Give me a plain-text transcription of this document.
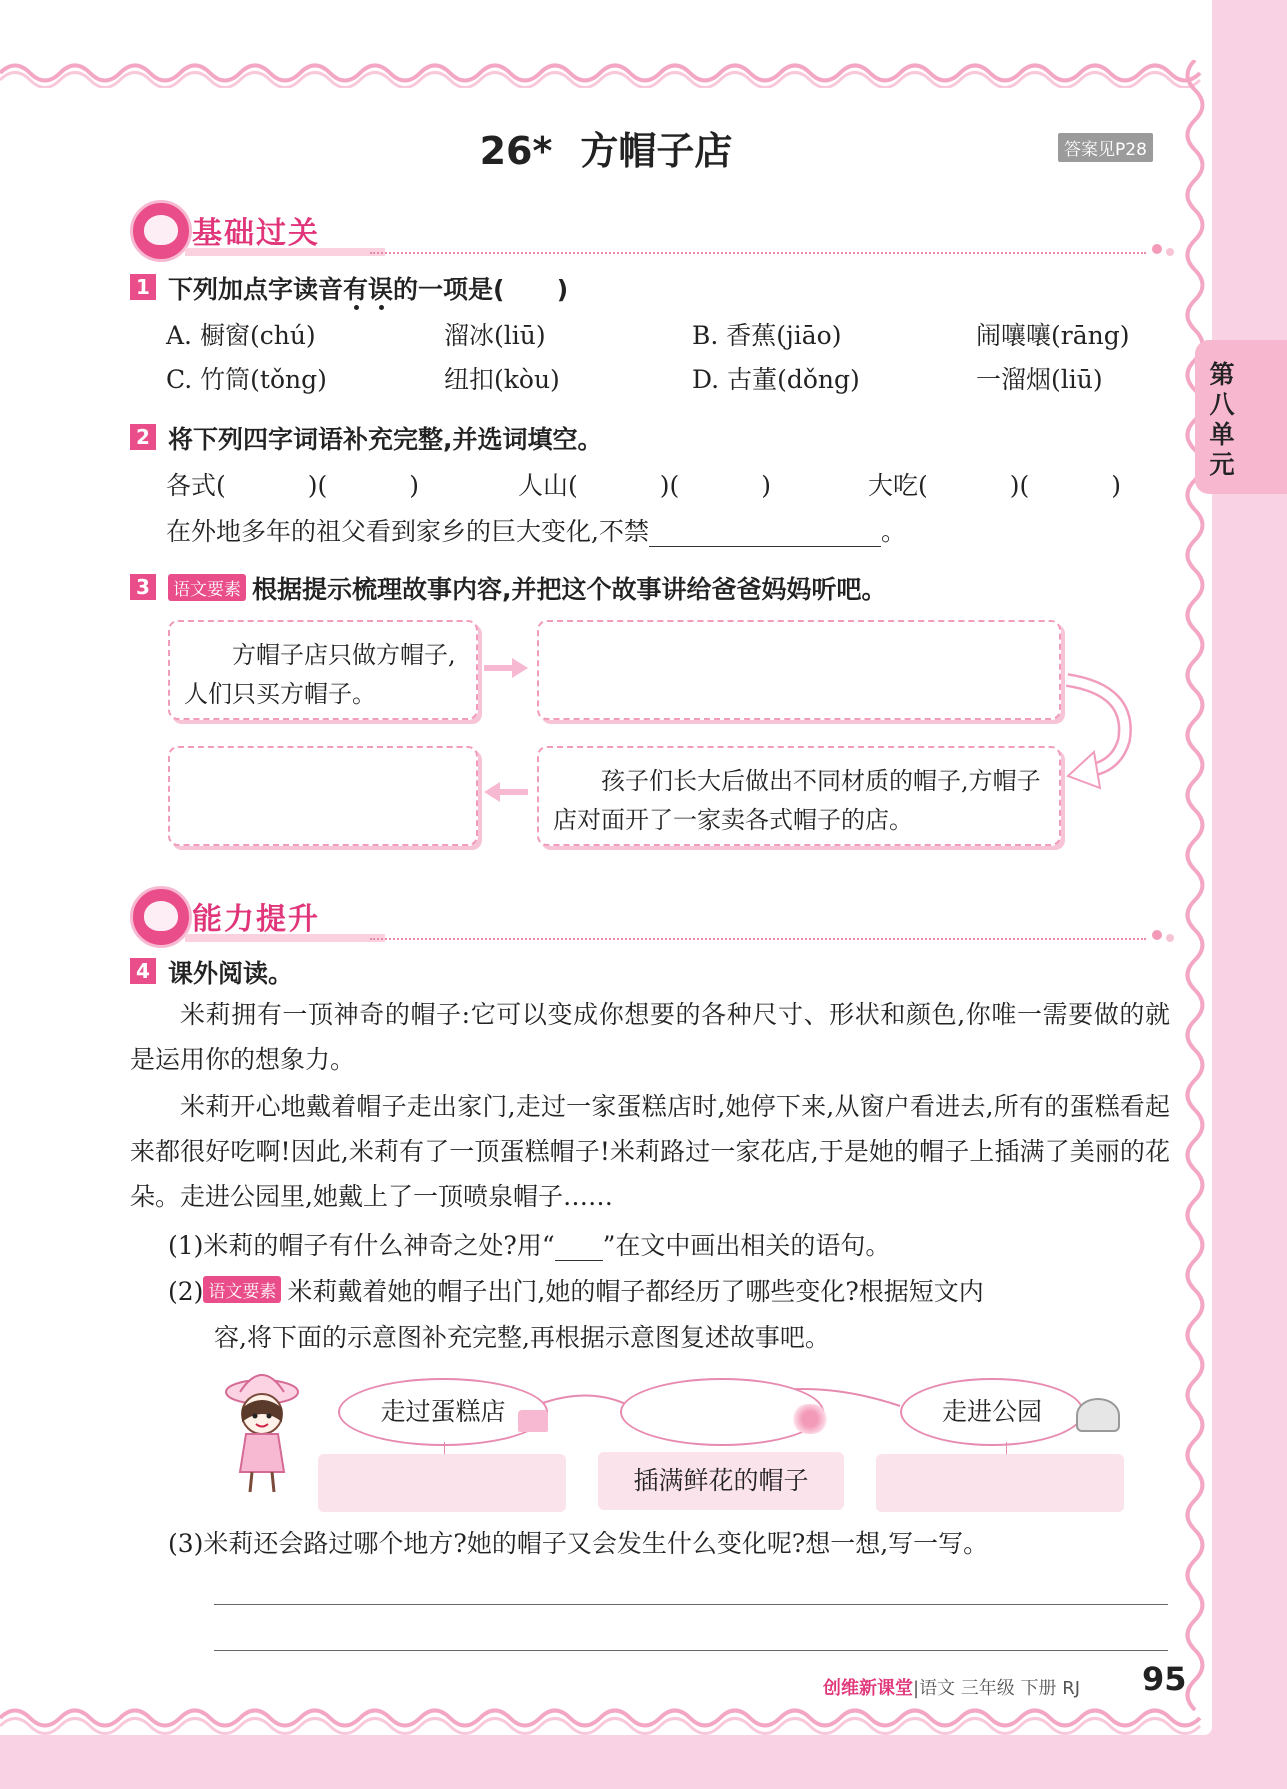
26* 方帽子店	答案见P28
第
八
单
元
基础过关
1 下列加点字读音有误的一项是( )
A. 橱窗(chú)	溜冰(liū)	B. 香蕉(jiāo)	闹嚷嚷(rāng)
C. 竹筒(tǒng)	纽扣(kòu)	D. 古董(dǒng)	一溜烟(liū)
2 将下列四字词语补充完整,并选词填空。
各式(	)(	)	人山(	)(	)	大吃(	)(	)
在外地多年的祖父看到家乡的巨大变化,不禁	。
3	语文要素 根据提示梳理故事内容,并把这个故事讲给爸爸妈妈听吧。
方帽子店只做方帽子,人们只买方帽子。
孩子们长大后做出不同材质的帽子,方帽子店对面开了一家卖各式帽子的店。
能力提升
4 课外阅读。
米莉拥有一顶神奇的帽子:它可以变成你想要的各种尺寸、形状和颜色,你唯一需要做的就是运用你的想象力。
米莉开心地戴着帽子走出家门,走过一家蛋糕店时,她停下来,从窗户看进去,所有的蛋糕看起来都很好吃啊!因此,米莉有了一顶蛋糕帽子!米莉路过一家花店,于是她的帽子上插满了美丽的花朵。走进公园里,她戴上了一顶喷泉帽子……
(1)米莉的帽子有什么神奇之处?用“ ”在文中画出相关的语句。
(2) 语文要素 米莉戴着她的帽子出门,她的帽子都经历了哪些变化?根据短文内
容,将下面的示意图补充完整,再根据示意图复述故事吧。
走过蛋糕店	走进公园
插满鲜花的帽子
(3)米莉还会路过哪个地方?她的帽子又会发生什么变化呢?想一想,写一写。
创维新课堂|语文 三年级 下册 RJ 95
